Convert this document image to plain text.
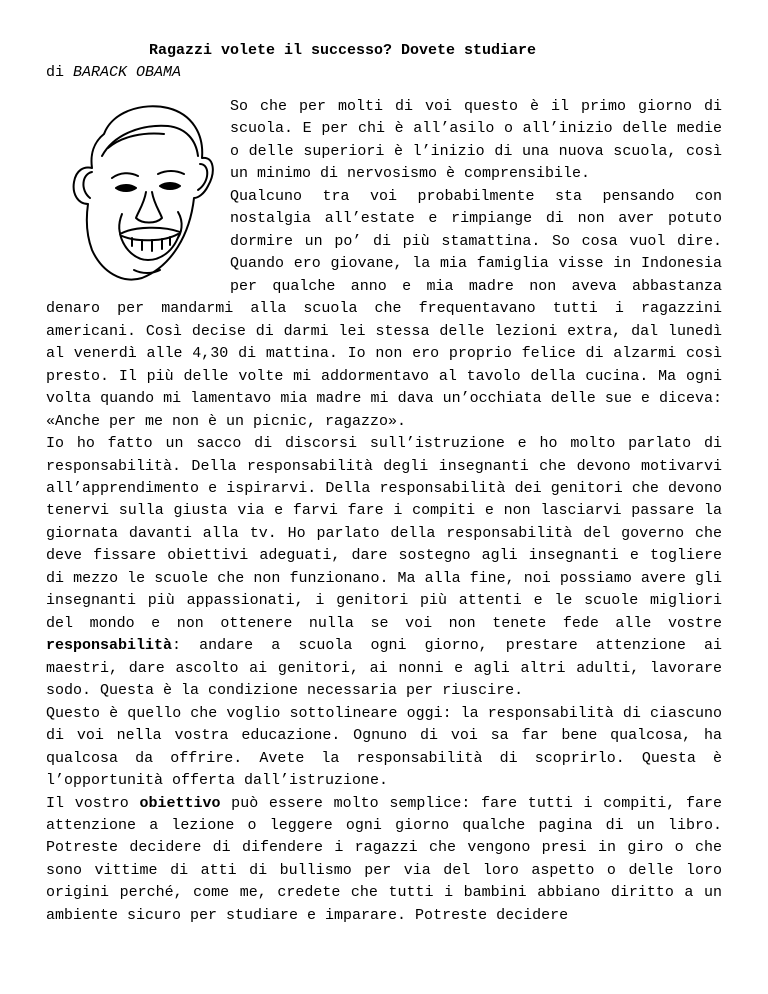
Ragazzi volete il successo? Dovete studiare
di BARACK OBAMA

So che per molti di voi questo è il primo giorno di scuola. E per chi è all’asilo o all’inizio delle medie o delle superiori è l’inizio di una nuova scuola, così un minimo di nervosismo è comprensibile.

Qualcuno tra voi probabilmente sta pensando con nostalgia all’estate e rimpiange di non aver potuto dormire un po’ di più stamattina. So cosa vuol dire. Quando ero giovane, la mia famiglia visse in Indonesia per qualche anno e mia madre non aveva abbastanza denaro per mandarmi alla scuola che frequentavano tutti i ragazzini americani. Così decise di darmi lei stessa delle lezioni extra, dal lunedì al venerdì alle 4,30 di mattina. Io non ero proprio felice di alzarmi così presto. Il più delle volte mi addormentavo al tavolo della cucina. Ma ogni volta quando mi lamentavo mia madre mi dava un’occhiata delle sue e diceva: «Anche per me non è un picnic, ragazzo».

Io ho fatto un sacco di discorsi sull’istruzione e ho molto parlato di responsabilità. Della responsabilità degli insegnanti che devono motivarvi all’apprendimento e ispirarvi. Della responsabilità dei genitori che devono tenervi sulla giusta via e farvi fare i compiti e non lasciarvi passare la giornata davanti alla tv. Ho parlato della responsabilità del governo che deve fissare obiettivi adeguati, dare sostegno agli insegnanti e togliere di mezzo le scuole che non funzionano. Ma alla fine, noi possiamo avere gli insegnanti più appassionati, i genitori più attenti e le scuole migliori del mondo e non ottenere nulla se voi non tenete fede alle vostre responsabilità: andare a scuola ogni giorno, prestare attenzione ai maestri, dare ascolto ai genitori, ai nonni e agli altri adulti, lavorare sodo. Questa è la condizione necessaria per riuscire.

Questo è quello che voglio sottolineare oggi: la responsabilità di ciascuno di voi nella vostra educazione. Ognuno di voi sa far bene qualcosa, ha qualcosa da offrire. Avete la responsabilità di scoprirlo. Questa è l’opportunità offerta dall’istruzione.

Il vostro obiettivo può essere molto semplice: fare tutti i compiti, fare attenzione a lezione o leggere ogni giorno qualche pagina di un libro. Potreste decidere di difendere i ragazzi che vengono presi in giro o che sono vittime di atti di bullismo per via del loro aspetto o delle loro origini perché, come me, credete che tutti i bambini abbiano diritto a un ambiente sicuro per studiare e imparare. Potreste decidere
